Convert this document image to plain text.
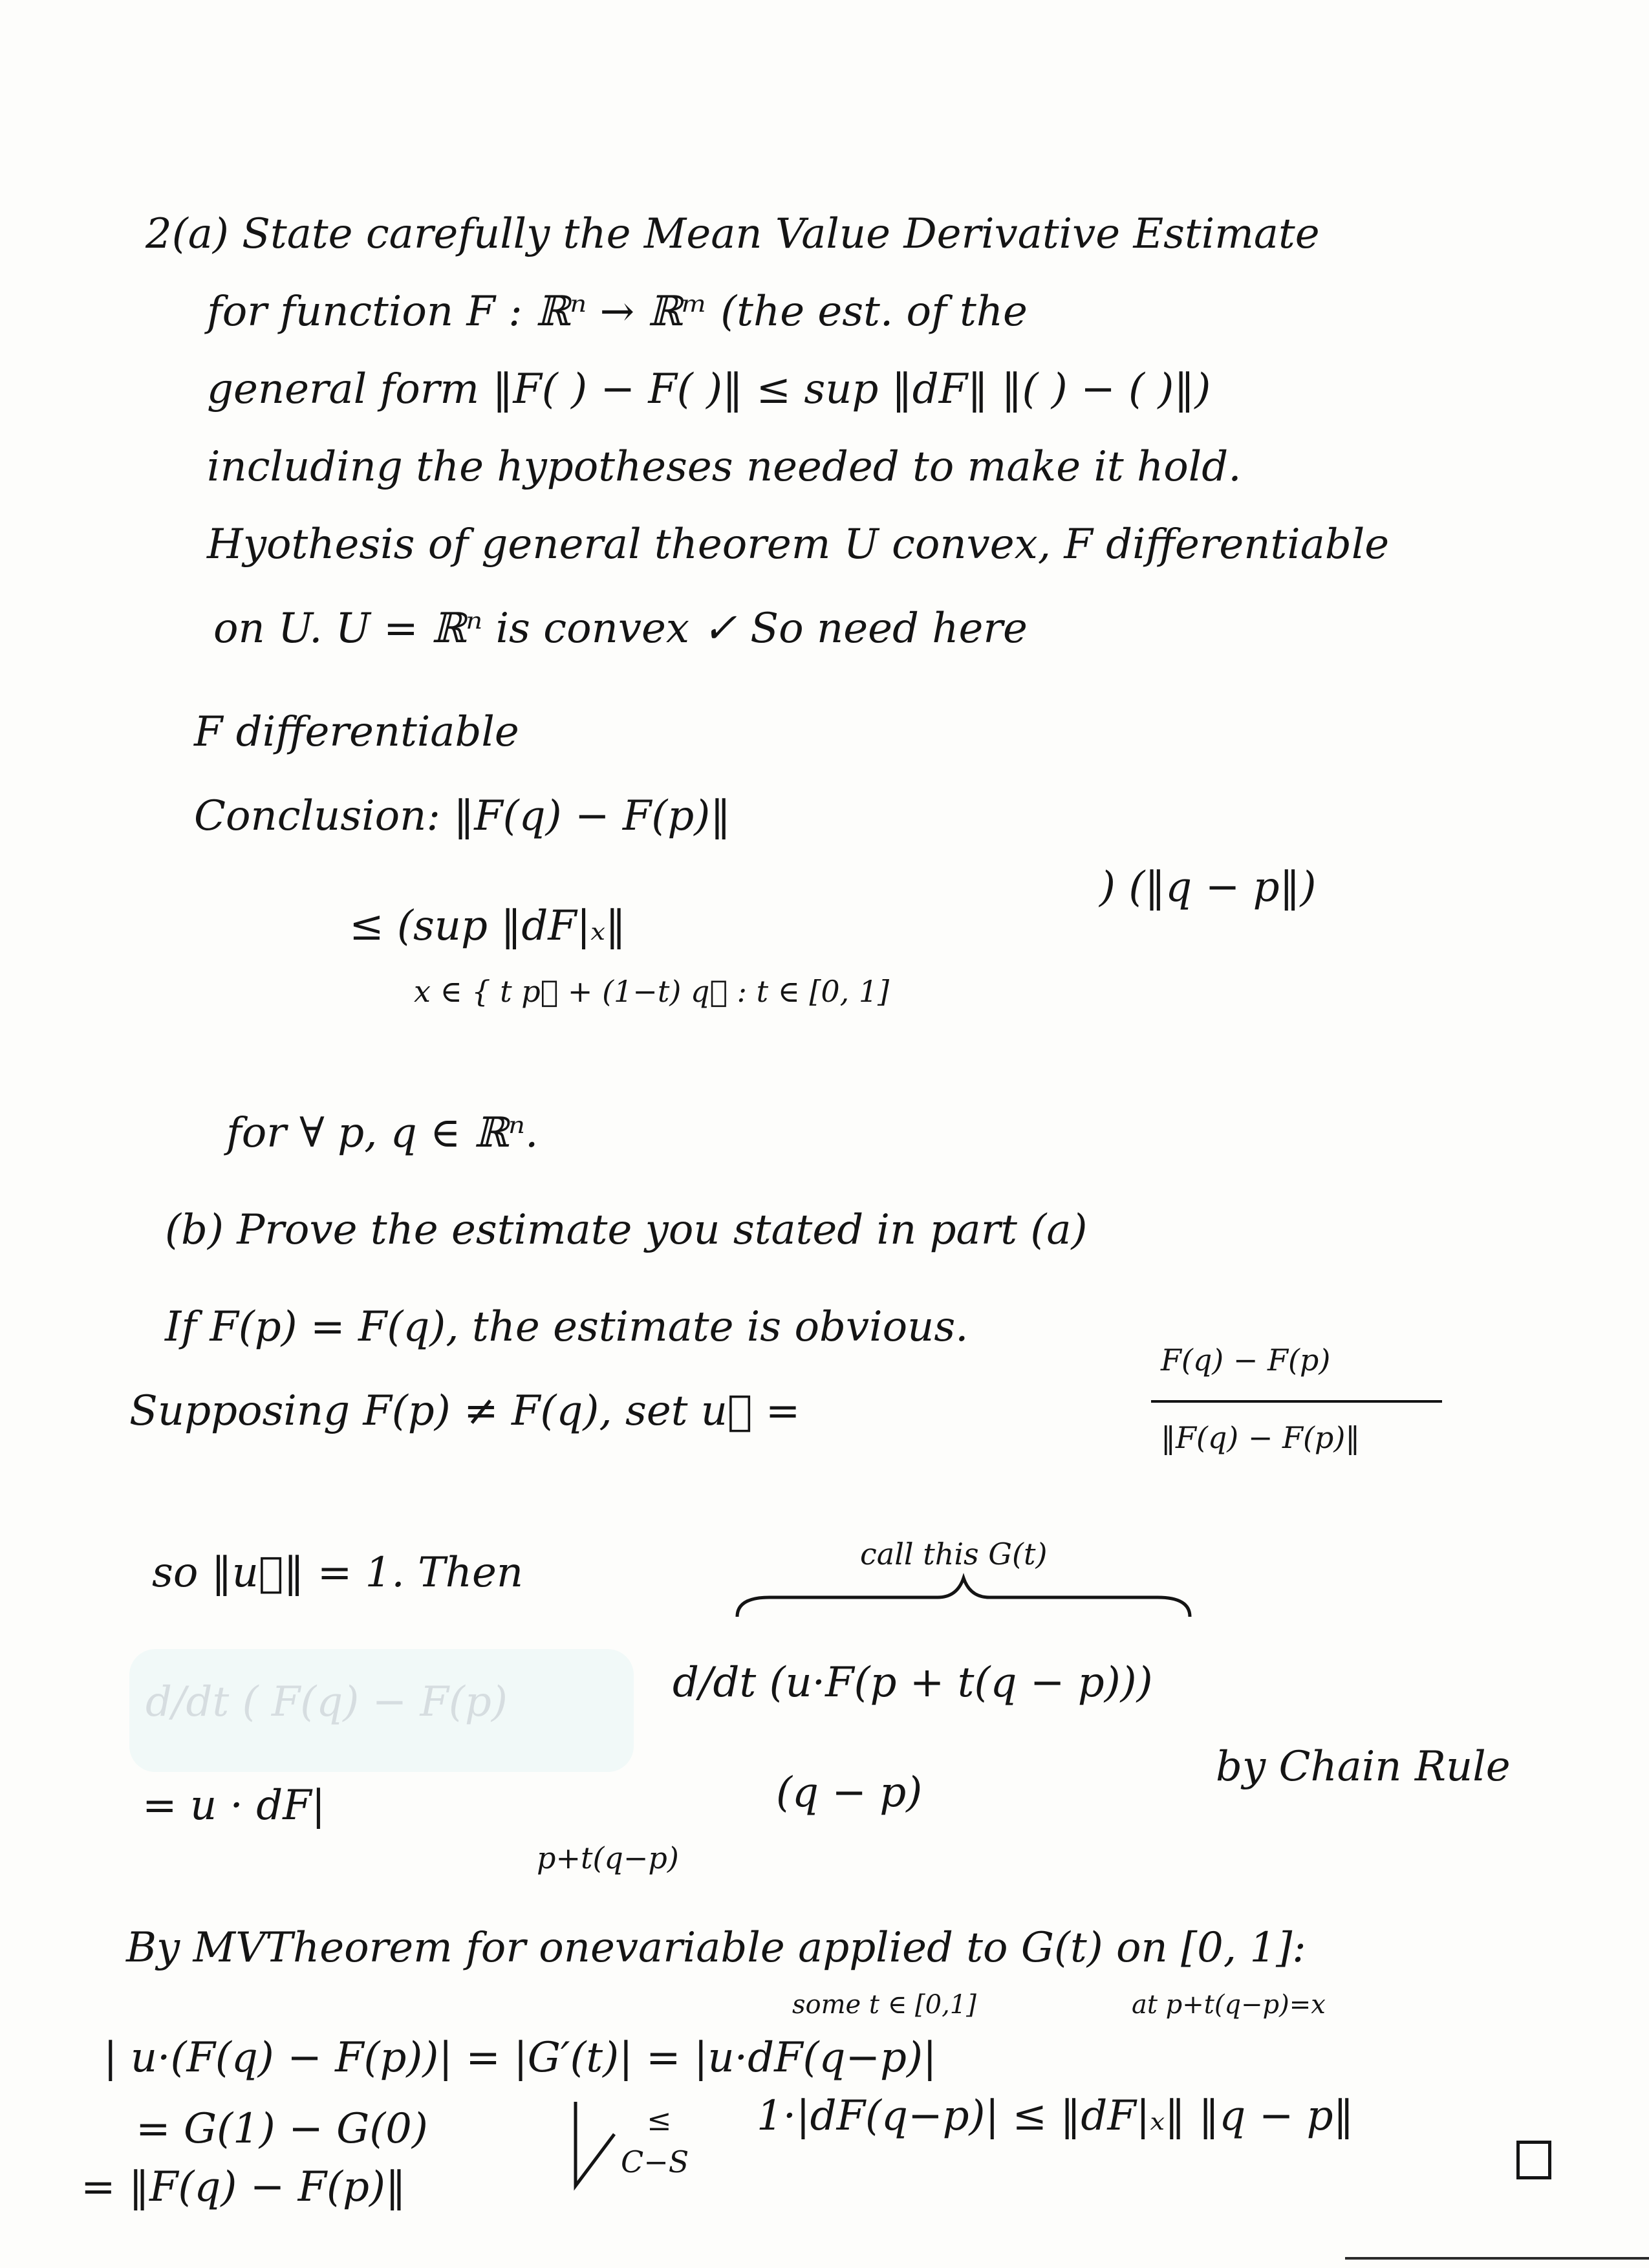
2(a) State carefully the Mean Value Derivative Estimate
for function F : ℝⁿ → ℝᵐ (the est. of the
general form ‖F( ) − F( )‖ ≤ sup ‖dF‖ ‖( ) − ( )‖)
including the hypotheses needed to make it hold.
Hyothesis of general theorem U convex, F differentiable
on U. U = ℝⁿ is convex ✓ So need here
F differentiable
Conclusion: ‖F(q) − F(p)‖
≤ (sup ‖dF|ₓ‖
) (‖q − p‖)
x ∈ { t p⃗ + (1−t) q⃗ : t ∈ [0, 1]
for ∀ p, q ∈ ℝⁿ.
(b) Prove the estimate you stated in part (a)
If F(p) = F(q), the estimate is obvious.
Supposing F(p) ≠ F(q), set u⃗ =
F(q) − F(p)
‖F(q) − F(p)‖
so ‖u⃗‖ = 1. Then	call this G(t)
d/dt ( F(q) − F(p)	d/dt (u·F(p + t(q − p)))
= u · dF|	(q − p)
p+t(q−p)
by Chain Rule
By MVTheorem for onevariable applied to G(t) on [0, 1]:
some t ∈ [0,1]	at p+t(q−p)=x
| u·(F(q) − F(p))| = |G′(t)| = |u·dF(q−p)|
= G(1) − G(0)	≤ 1·|dF(q−p)| ≤ ‖dF|ₓ‖ ‖q − p‖
C−S
= ‖F(q) − F(p)‖
